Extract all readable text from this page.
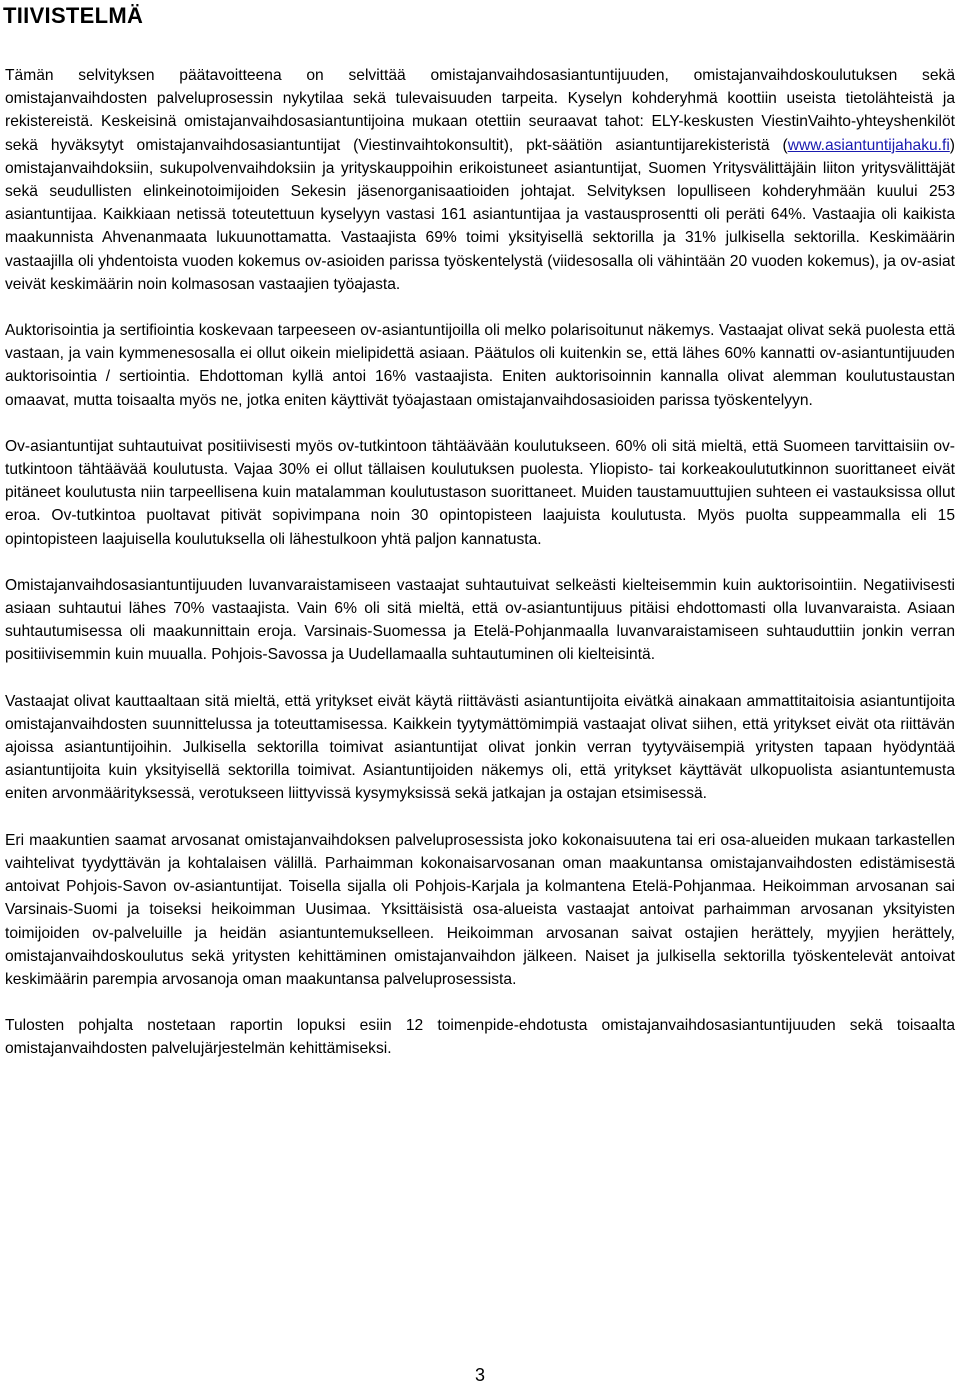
TIIVISTELMÄ

Tämän selvityksen päätavoitteena on selvittää omistajanvaihdosasiantuntijuuden, omistajanvaihdoskoulutuksen sekä omistajanvaihdosten palveluprosessin nykytilaa sekä tulevaisuuden tarpeita. Kyselyn kohderyhmä koottiin useista tietolähteistä ja rekistereistä. Keskeisinä omistajanvaihdosasiantuntijoina mukaan otettiin seuraavat tahot: ELY-keskusten ViestinVaihto-yhteyshenkilöt sekä hyväksytyt omistajanvaihdosasiantuntijat (Viestinvaihtokonsultit), pkt-säätiön asiantuntijarekisteristä (www.asiantuntijahaku.fi) omistajanvaihdoksiin, sukupolvenvaihdoksiin ja yrityskauppoihin erikoistuneet asiantuntijat, Suomen Yritysvälittäjäin liiton yritysvälittäjät sekä seudullisten elinkeinotoimijoiden Sekesin jäsenorganisaatioiden johtajat. Selvityksen lopulliseen kohderyhmään kuului 253 asiantuntijaa. Kaikkiaan netissä toteutettuun kyselyyn vastasi 161 asiantuntijaa ja vastausprosentti oli peräti 64%. Vastaajia oli kaikista maakunnista Ahvenanmaata lukuunottamatta. Vastaajista 69% toimi yksityisellä sektorilla ja 31% julkisella sektorilla. Keskimäärin vastaajilla oli yhdentoista vuoden kokemus ov-asioiden parissa työskentelystä (viidesosalla oli vähintään 20 vuoden kokemus), ja ov-asiat veivät keskimäärin noin kolmasosan vastaajien työajasta.

Auktorisointia ja sertifiointia koskevaan tarpeeseen ov-asiantuntijoilla oli melko polarisoitunut näkemys. Vastaajat olivat sekä puolesta että vastaan, ja vain kymmenesosalla ei ollut oikein mielipidettä asiaan. Päätulos oli kuitenkin se, että lähes 60% kannatti ov-asiantuntijuuden auktorisointia / sertiointia. Ehdottoman kyllä antoi 16% vastaajista. Eniten auktorisoinnin kannalla olivat alemman koulutustaustan omaavat, mutta toisaalta myös ne, jotka eniten käyttivät työajastaan omistajanvaihdosasioiden parissa työskentelyyn.

Ov-asiantuntijat suhtautuivat positiivisesti myös ov-tutkintoon tähtäävään koulutukseen. 60% oli sitä mieltä, että Suomeen tarvittaisiin ov-tutkintoon tähtäävää koulutusta. Vajaa 30% ei ollut tällaisen koulutuksen puolesta. Yliopisto- tai korkeakoulututkinnon suorittaneet eivät pitäneet koulutusta niin tarpeellisena kuin matalamman koulutustason suorittaneet. Muiden taustamuuttujien suhteen ei vastauksissa ollut eroa. Ov-tutkintoa puoltavat pitivät sopivimpana noin 30 opintopisteen laajuista koulutusta. Myös puolta suppeammalla eli 15 opintopisteen laajuisella koulutuksella oli lähestulkoon yhtä paljon kannatusta.

Omistajanvaihdosasiantuntijuuden luvanvaraistamiseen vastaajat suhtautuivat selkeästi kielteisemmin kuin auktorisointiin. Negatiivisesti asiaan suhtautui lähes 70% vastaajista. Vain 6% oli sitä mieltä, että ov-asiantuntijuus pitäisi ehdottomasti olla luvanvaraista. Asiaan suhtautumisessa oli maakunnittain eroja. Varsinais-Suomessa ja Etelä-Pohjanmaalla luvanvaraistamiseen suhtauduttiin jonkin verran positiivisemmin kuin muualla. Pohjois-Savossa ja Uudellamaalla suhtautuminen oli kielteisintä.

Vastaajat olivat kauttaaltaan sitä mieltä, että yritykset eivät käytä riittävästi asiantuntijoita eivätkä ainakaan ammattitaitoisia asiantuntijoita omistajanvaihdosten suunnittelussa ja toteuttamisessa. Kaikkein tyytymättömimpiä vastaajat olivat siihen, että yritykset eivät ota riittävän ajoissa asiantuntijoihin. Julkisella sektorilla toimivat asiantuntijat olivat jonkin verran tyytyväisempiä yritysten tapaan hyödyntää asiantuntijoita kuin yksityisellä sektorilla toimivat. Asiantuntijoiden näkemys oli, että yritykset käyttävät ulkopuolista asiantuntemusta eniten arvonmäärityksessä, verotukseen liittyvissä kysymyksissä sekä jatkajan ja ostajan etsimisessä.

Eri maakuntien saamat arvosanat omistajanvaihdoksen palveluprosessista joko kokonaisuutena tai eri osa-alueiden mukaan tarkastellen vaihtelivat tyydyttävän ja kohtalaisen välillä. Parhaimman kokonaisarvosanan oman maakuntansa omistajanvaihdosten edistämisestä antoivat Pohjois-Savon ov-asiantuntijat. Toisella sijalla oli Pohjois-Karjala ja kolmantena Etelä-Pohjanmaa. Heikoimman arvosanan sai Varsinais-Suomi ja toiseksi heikoimman Uusimaa. Yksittäisistä osa-alueista vastaajat antoivat parhaimman arvosanan yksityisten toimijoiden ov-palveluille ja heidän asiantuntemukselleen. Heikoimman arvosanan saivat ostajien herättely, myyjien herättely, omistajanvaihdoskoulutus sekä yritysten kehittäminen omistajanvaihdon jälkeen. Naiset ja julkisella sektorilla työskentelevät antoivat keskimäärin parempia arvosanoja oman maakuntansa palveluprosessista.

Tulosten pohjalta nostetaan raportin lopuksi esiin 12 toimenpide-ehdotusta omistajanvaihdosasiantuntijuuden sekä toisaalta omistajanvaihdosten palvelujärjestelmän kehittämiseksi.

3
